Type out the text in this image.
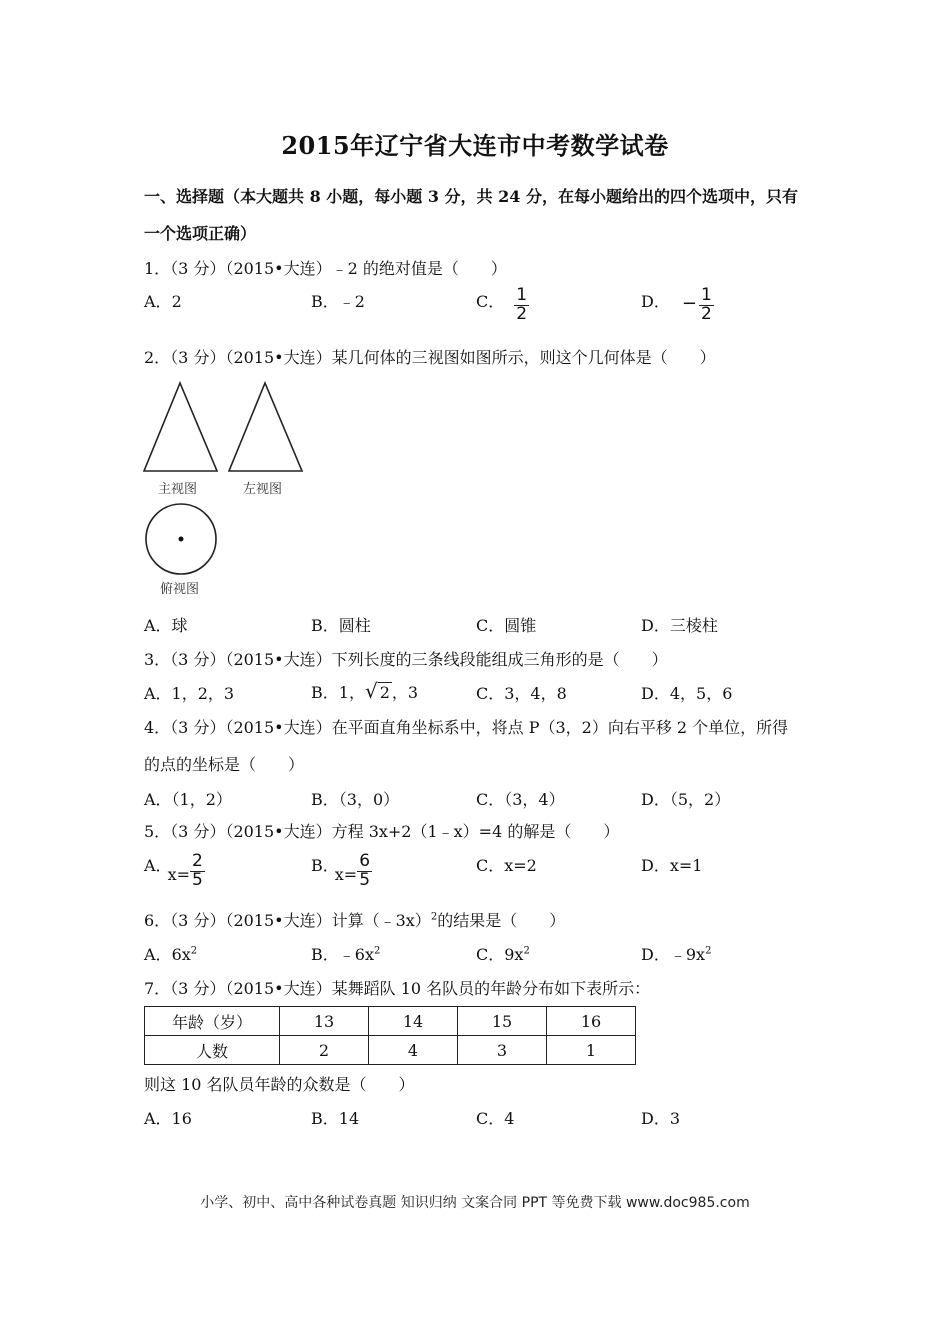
2015年辽宁省大连市中考数学试卷
一、选择题（本大题共 8 小题，每小题 3 分，共 24 分，在每小题给出的四个选项中，只有
一个选项正确）
1．（3 分）（2015•大连）﹣2 的绝对值是（　　）
A．2	B．﹣2	C． $\frac{1}{2}$	D． − $\frac{1}{2}$
2．（3 分）（2015•大连）某几何体的三视图如图所示，则这个几何体是（　　）
主视图	左视图
俯视图
A．球	B．圆柱	C．圆锥	D．三棱柱
3．（3 分）（2015•大连）下列长度的三条线段能组成三角形的是（　　）
A．1，2，3	B．1，√ 2 ，3	C．3，4，8	D．4，5，6
4．（3 分）（2015•大连）在平面直角坐标系中，将点 P（3，2）向右平移 2 个单位，所得
的点的坐标是（　　）
A．（1，2）	B．（3，0）	C．（3，4）	D．（5，2）
5．（3 分）（2015•大连）方程 3x+2（1﹣x）=4 的解是（　　）
A．$x= \frac{2}{5}$	B．$x= \frac{6}{5}$	C．x=2	D．x=1
6．（3 分）（2015•大连）计算（﹣3x）$^2$的结果是（　　）
A．$6x^2$	B．$﹣6x^2$	C．$9x^2$	D．$﹣9x^2$
7．（3 分）（2015•大连）某舞蹈队 10 名队员的年龄分布如下表所示：
年龄（岁）	13	14	15	16
人数	2	4	3	1
则这 10 名队员年龄的众数是（　　）
A．16	B．14	C．4	D．3
小学、初中、高中各种试卷真题 知识归纳 文案合同 PPT 等免费下载 www.doc985.com
